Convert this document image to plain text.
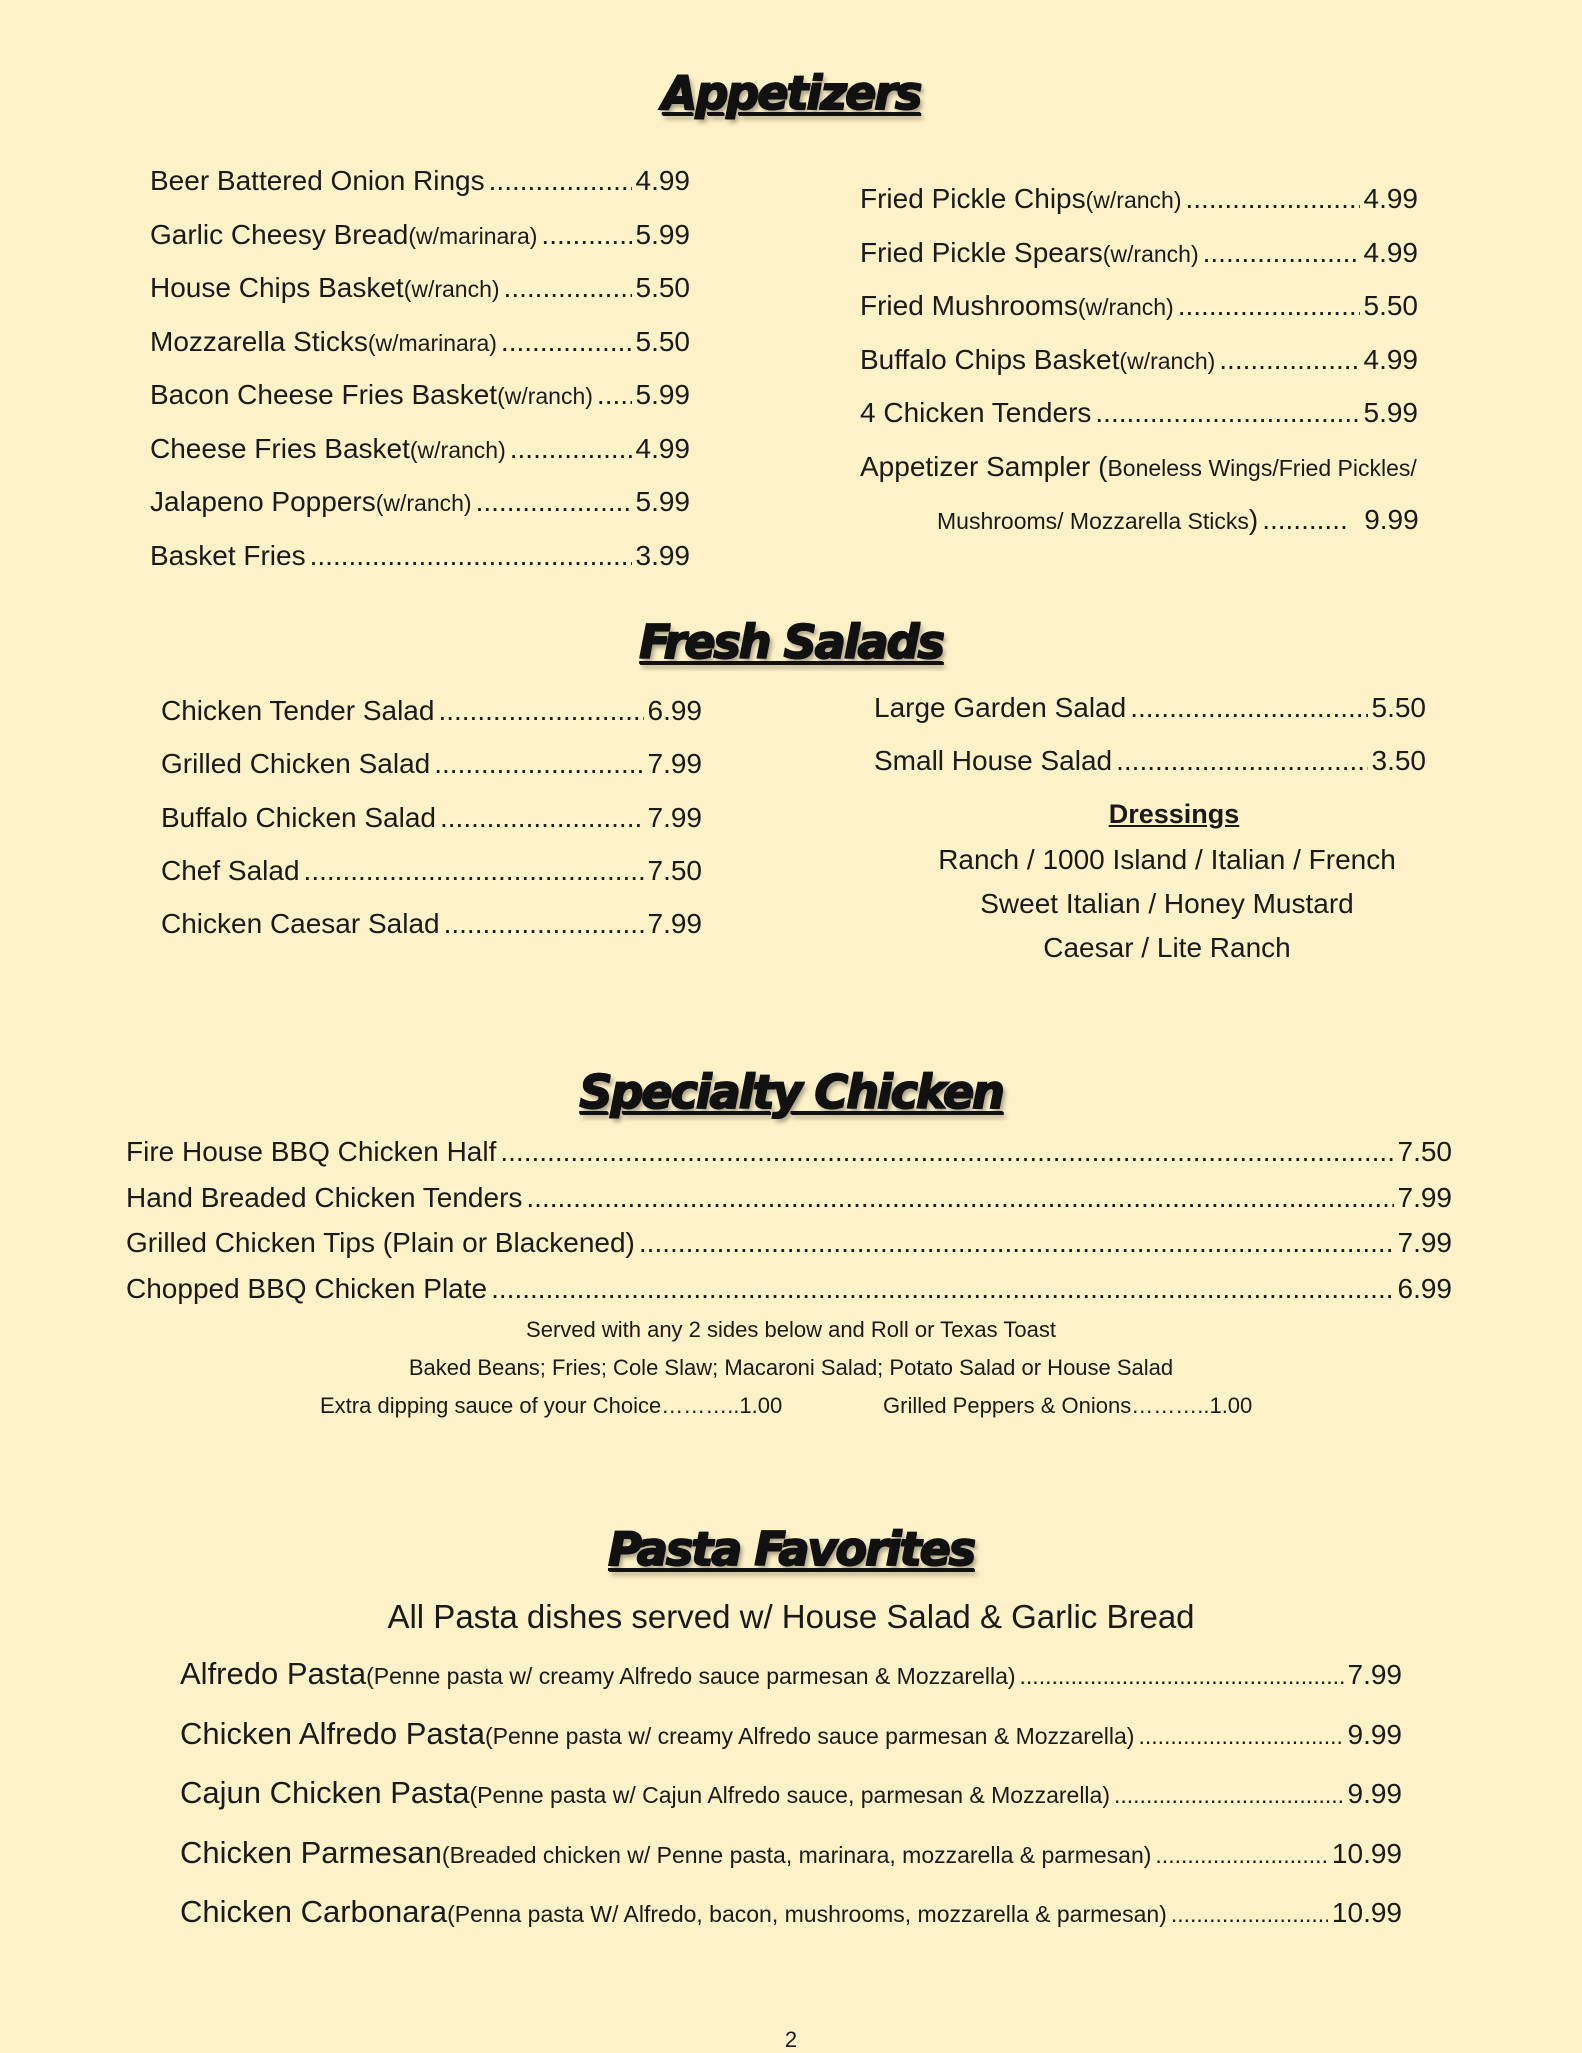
Appetizers
Beer Battered Onion Rings .....	4.99
Garlic Cheesy Bread (w/marinara) .....	5.99
House Chips Basket (w/ranch) .....	5.50
Mozzarella Sticks (w/marinara) .....	5.50
Bacon Cheese Fries Basket (w/ranch) ..... 5.99
Cheese Fries Basket (w/ranch) .....	4.99
Jalapeno Poppers (w/ranch) .....	5.99
Basket Fries .....	3.99
Fried Pickle Chips (w/ranch) .....	4.99
Fried Pickle Spears (w/ranch) .....	4.99
Fried Mushrooms (w/ranch) .....	5.50
Buffalo Chips Basket (w/ranch) .....	4.99
4 Chicken Tenders .....	5.99
Appetizer Sampler ( Boneless Wings/Fried Pickles/
Mushrooms/ Mozzarella Sticks ) .....	9.99
Fresh Salads
Chicken Tender Salad .....	6.99
Grilled Chicken Salad .....	7.99
Buffalo Chicken Salad .....	7.99
Chef Salad .....	7.50
Chicken Caesar Salad .....	7.99
Large Garden Salad .....	5.50
Small House Salad .....	3.50
Dressings
Ranch / 1000 Island / Italian / French
Sweet Italian / Honey Mustard
Caesar / Lite Ranch
Specialty Chicken
Fire House BBQ Chicken Half .....	7.50
Hand Breaded Chicken Tenders .....	7.99
Grilled Chicken Tips (Plain or Blackened) .....	7.99
Chopped BBQ Chicken Plate .....	6.99
Served with any 2 sides below and Roll or Texas Toast
Baked Beans; Fries; Cole Slaw; Macaroni Salad; Potato Salad or House Salad
Extra dipping sauce of your Choice………..1.00	Grilled Peppers & Onions………..1.00
Pasta Favorites
All Pasta dishes served w/ House Salad & Garlic Bread
Alfredo Pasta (Penne pasta w/ creamy Alfredo sauce parmesan & Mozzarella) .....	7.99
Chicken Alfredo Pasta (Penne pasta w/ creamy Alfredo sauce parmesan & Mozzarella) .....	9.99
Cajun Chicken Pasta (Penne pasta w/ Cajun Alfredo sauce, parmesan & Mozzarella) .....	9.99
Chicken Parmesan (Breaded chicken w/ Penne pasta, marinara, mozzarella & parmesan) .....	10.99
Chicken Carbonara (Penna pasta W/ Alfredo, bacon, mushrooms, mozzarella & parmesan) .....	10.99
2
